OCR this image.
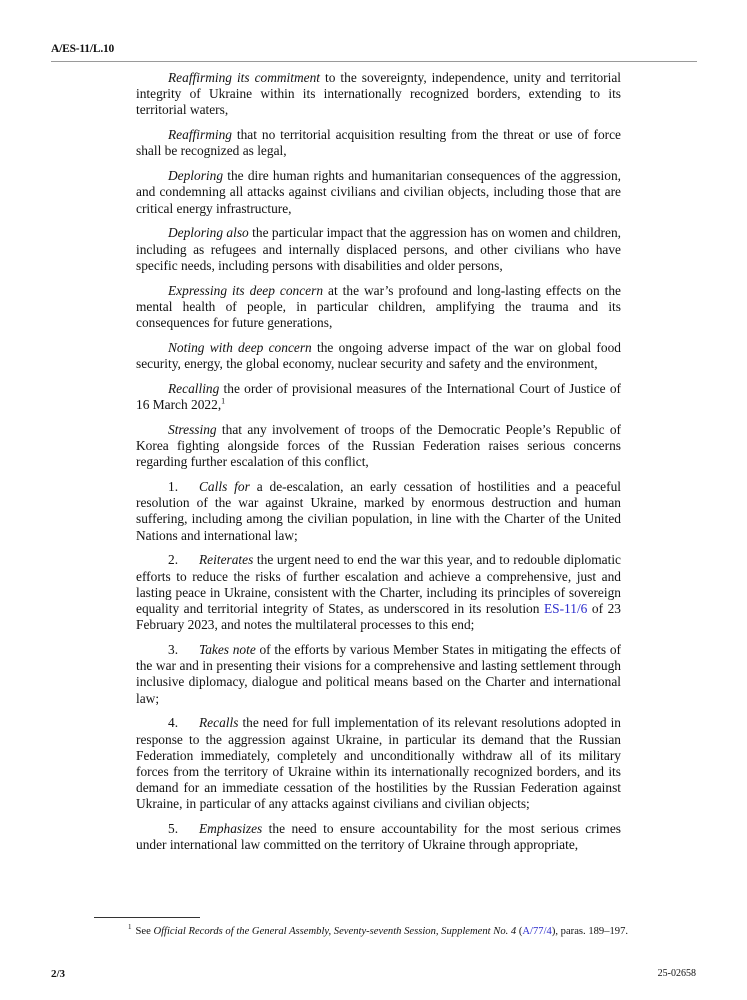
A/ES-11/L.10

Reaffirming its commitment to the sovereignty, independence, unity and territorial integrity of Ukraine within its internationally recognized borders, extending to its territorial waters,

Reaffirming that no territorial acquisition resulting from the threat or use of force shall be recognized as legal,

Deploring the dire human rights and humanitarian consequences of the aggression, and condemning all attacks against civilians and civilian objects, including those that are critical energy infrastructure,

Deploring also the particular impact that the aggression has on women and children, including as refugees and internally displaced persons, and other civilians who have specific needs, including persons with disabilities and older persons,

Expressing its deep concern at the war’s profound and long-lasting effects on the mental health of people, in particular children, amplifying the trauma and its consequences for future generations,

Noting with deep concern the ongoing adverse impact of the war on global food security, energy, the global economy, nuclear security and safety and the environment,

Recalling the order of provisional measures of the International Court of Justice of 16 March 2022,$^1$

Stressing that any involvement of troops of the Democratic People’s Republic of Korea fighting alongside forces of the Russian Federation raises serious concerns regarding further escalation of this conflict,

1. Calls for a de-escalation, an early cessation of hostilities and a peaceful resolution of the war against Ukraine, marked by enormous destruction and human suffering, including among the civilian population, in line with the Charter of the United Nations and international law;

2. Reiterates the urgent need to end the war this year, and to redouble diplomatic efforts to reduce the risks of further escalation and achieve a comprehensive, just and lasting peace in Ukraine, consistent with the Charter, including its principles of sovereign equality and territorial integrity of States, as underscored in its resolution ES-11/6 of 23 February 2023, and notes the multilateral processes to this end;

3. Takes note of the efforts by various Member States in mitigating the effects of the war and in presenting their visions for a comprehensive and lasting settlement through inclusive diplomacy, dialogue and political means based on the Charter and international law;

4. Recalls the need for full implementation of its relevant resolutions adopted in response to the aggression against Ukraine, in particular its demand that the Russian Federation immediately, completely and unconditionally withdraw all of its military forces from the territory of Ukraine within its internationally recognized borders, and its demand for an immediate cessation of the hostilities by the Russian Federation against Ukraine, in particular of any attacks against civilians and civilian objects;

5. Emphasizes the need to ensure accountability for the most serious crimes under international law committed on the territory of Ukraine through appropriate,

$^1$ See Official Records of the General Assembly, Seventy-seventh Session, Supplement No. 4 (A/77/4), paras. 189–197.
2/3	25-02658
